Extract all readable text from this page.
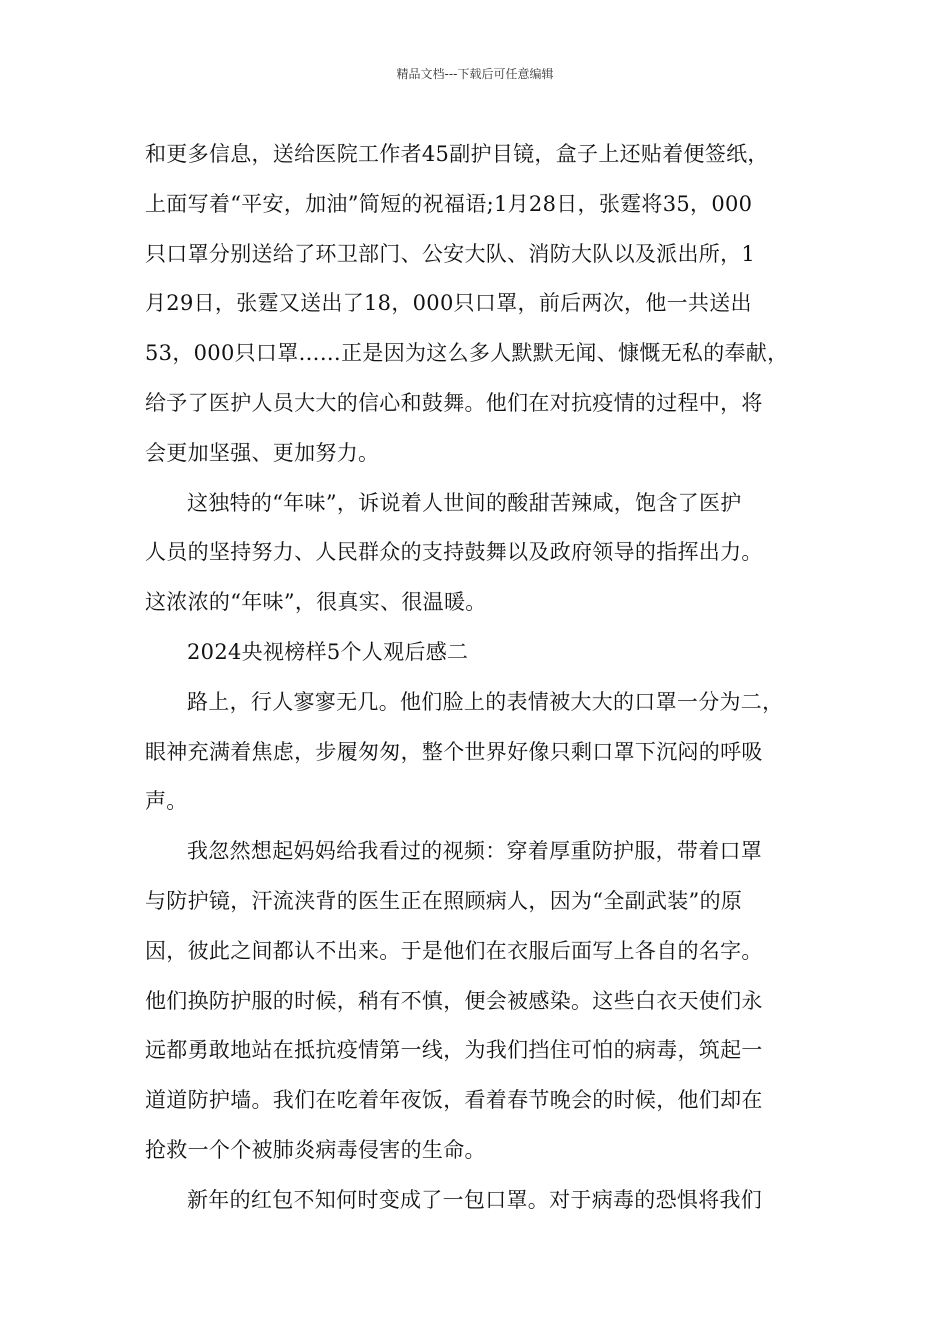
精品文档---下载后可任意编辑

和更多信息，送给医院工作者45副护目镜，盒子上还贴着便签纸，
上面写着“平安，加油”简短的祝福语;1月28日，张霆将35，000
只口罩分别送给了环卫部门、公安大队、消防大队以及派出所，1
月29日，张霆又送出了18，000只口罩，前后两次，他一共送出
53，000只口罩……正是因为这么多人默默无闻、慷慨无私的奉献，
给予了医护人员大大的信心和鼓舞。他们在对抗疫情的过程中，将
会更加坚强、更加努力。

这独特的“年味”，诉说着人世间的酸甜苦辣咸，饱含了医护
人员的坚持努力、人民群众的支持鼓舞以及政府领导的指挥出力。
这浓浓的“年味”，很真实、很温暖。

2024央视榜样5个人观后感二

路上，行人寥寥无几。他们脸上的表情被大大的口罩一分为二，
眼神充满着焦虑，步履匆匆，整个世界好像只剩口罩下沉闷的呼吸
声。

我忽然想起妈妈给我看过的视频：穿着厚重防护服，带着口罩
与防护镜，汗流浃背的医生正在照顾病人，因为“全副武装”的原
因，彼此之间都认不出来。于是他们在衣服后面写上各自的名字。
他们换防护服的时候，稍有不慎，便会被感染。这些白衣天使们永
远都勇敢地站在抵抗疫情第一线，为我们挡住可怕的病毒，筑起一
道道防护墙。我们在吃着年夜饭，看着春节晚会的时候，他们却在
抢救一个个被肺炎病毒侵害的生命。

新年的红包不知何时变成了一包口罩。对于病毒的恐惧将我们
